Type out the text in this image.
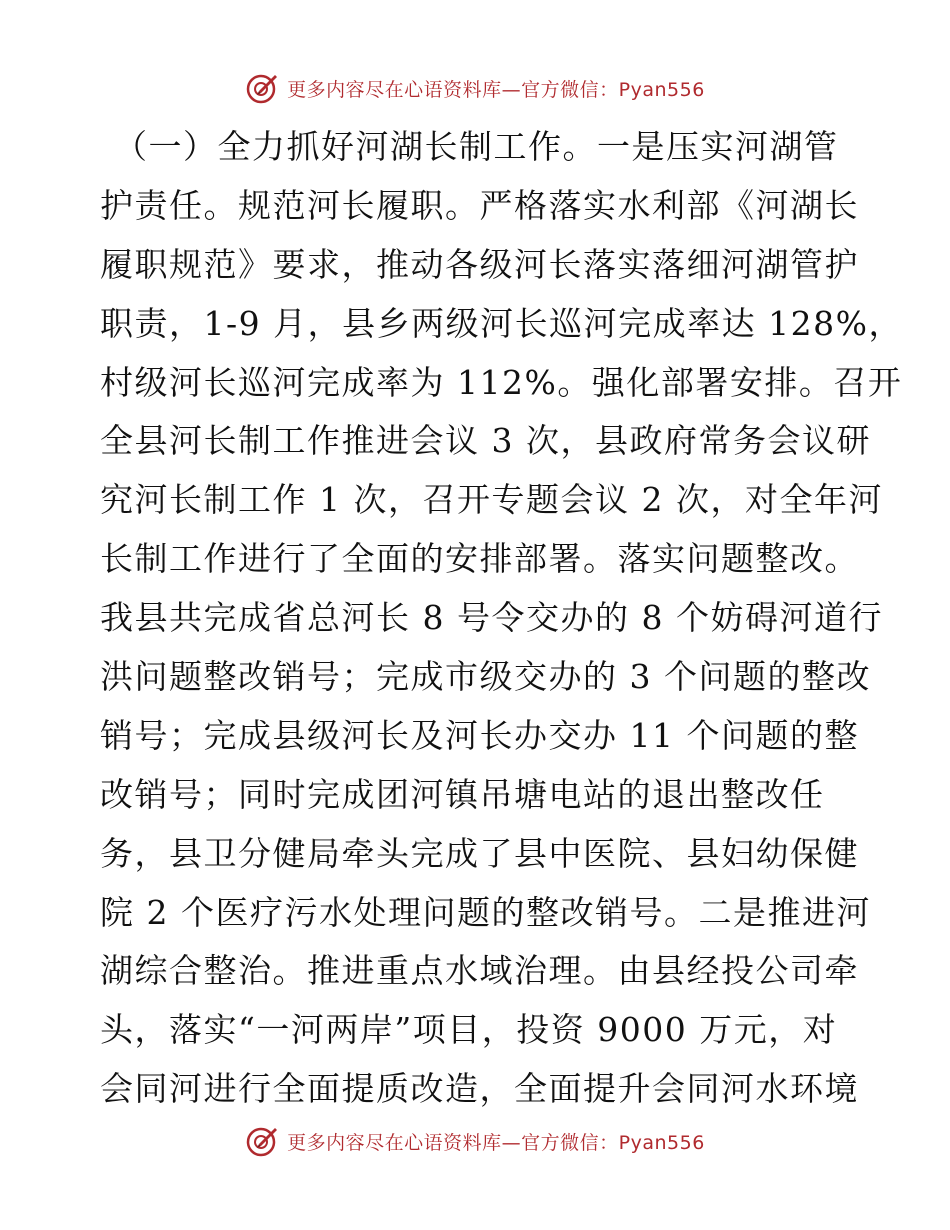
更多内容尽在心语资料库—官方微信：Pyan556
（一）全力抓好河湖长制工作。一是压实河湖管
护责任。规范河长履职。严格落实水利部《河湖长
履职规范》要求，推动各级河长落实落细河湖管护
职责，1-9 月，县乡两级河长巡河完成率达 128%，
村级河长巡河完成率为 112%。强化部署安排。召开
全县河长制工作推进会议 3 次，县政府常务会议研
究河长制工作 1 次，召开专题会议 2 次，对全年河
长制工作进行了全面的安排部署。落实问题整改。
我县共完成省总河长 8 号令交办的 8 个妨碍河道行
洪问题整改销号；完成市级交办的 3 个问题的整改
销号；完成县级河长及河长办交办 11 个问题的整
改销号；同时完成团河镇吊塘电站的退出整改任
务，县卫分健局牵头完成了县中医院、县妇幼保健
院 2 个医疗污水处理问题的整改销号。二是推进河
湖综合整治。推进重点水域治理。由县经投公司牵
头，落实“一河两岸”项目，投资 9000 万元，对
会同河进行全面提质改造，全面提升会同河水环境
更多内容尽在心语资料库—官方微信：Pyan556
